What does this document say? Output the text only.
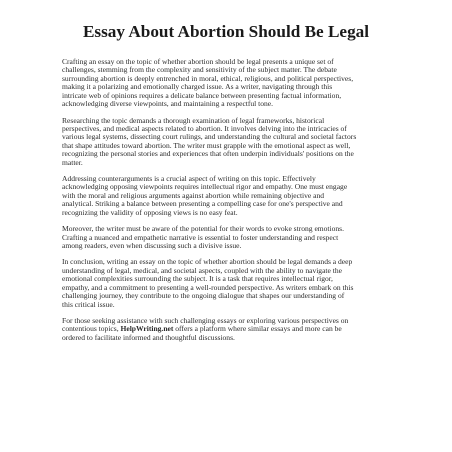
Essay About Abortion Should Be Legal
Crafting an essay on the topic of whether abortion should be legal presents a unique set of
challenges, stemming from the complexity and sensitivity of the subject matter. The debate
surrounding abortion is deeply entrenched in moral, ethical, religious, and political perspectives,
making it a polarizing and emotionally charged issue. As a writer, navigating through this
intricate web of opinions requires a delicate balance between presenting factual information,
acknowledging diverse viewpoints, and maintaining a respectful tone.
Researching the topic demands a thorough examination of legal frameworks, historical
perspectives, and medical aspects related to abortion. It involves delving into the intricacies of
various legal systems, dissecting court rulings, and understanding the cultural and societal factors
that shape attitudes toward abortion. The writer must grapple with the emotional aspect as well,
recognizing the personal stories and experiences that often underpin individuals' positions on the
matter.
Addressing counterarguments is a crucial aspect of writing on this topic. Effectively
acknowledging opposing viewpoints requires intellectual rigor and empathy. One must engage
with the moral and religious arguments against abortion while remaining objective and
analytical. Striking a balance between presenting a compelling case for one's perspective and
recognizing the validity of opposing views is no easy feat.
Moreover, the writer must be aware of the potential for their words to evoke strong emotions.
Crafting a nuanced and empathetic narrative is essential to foster understanding and respect
among readers, even when discussing such a divisive issue.
In conclusion, writing an essay on the topic of whether abortion should be legal demands a deep
understanding of legal, medical, and societal aspects, coupled with the ability to navigate the
emotional complexities surrounding the subject. It is a task that requires intellectual rigor,
empathy, and a commitment to presenting a well-rounded perspective. As writers embark on this
challenging journey, they contribute to the ongoing dialogue that shapes our understanding of
this critical issue.
For those seeking assistance with such challenging essays or exploring various perspectives on
contentious topics, HelpWriting.net offers a platform where similar essays and more can be
ordered to facilitate informed and thoughtful discussions.
